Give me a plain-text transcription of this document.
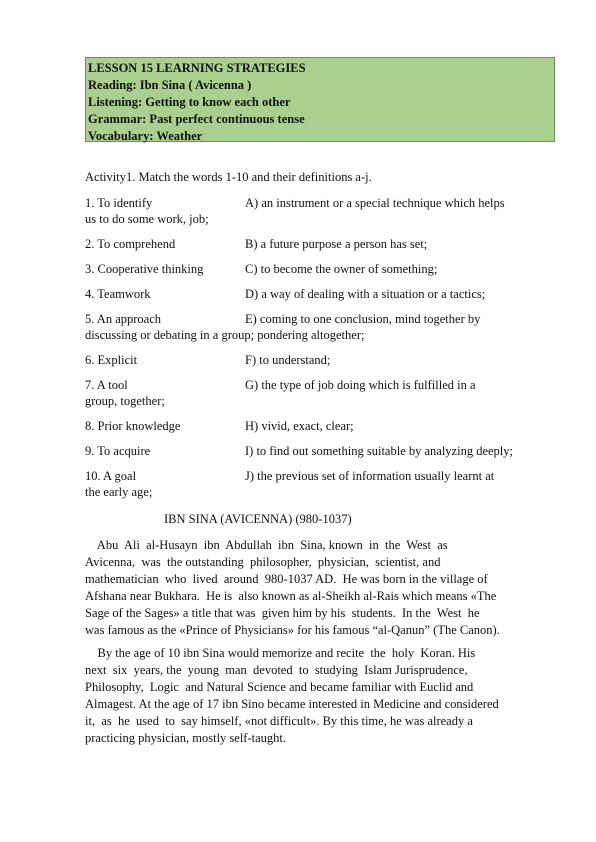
LESSON 15 LEARNING STRATEGIES
Reading: Ibn Sina ( Avicenna )
Listening: Getting to know each other
Grammar: Past perfect continuous tense
Vocabulary: Weather
Activity1. Match the words 1-10 and their definitions a-j.
1. To identify	A) an instrument or a special technique which helps
us to do some work, job;
2. To comprehend	B) a future purpose a person has set;
3. Cooperative thinking	C) to become the owner of something;
4. Teamwork	D) a way of dealing with a situation or a tactics;
5. An approach	E) coming to one conclusion, mind together by
discussing or debating in a group; pondering altogether;
6. Explicit	F) to understand;
7. A tool	G) the type of job doing which is fulfilled in a
group, together;
8. Prior knowledge	H) vivid, exact, clear;
9. To acquire	I) to find out something suitable by analyzing deeply;
10. A goal	J) the previous set of information usually learnt at
the early age;
IBN SINA (AVICENNA) (980-1037)
Abu  Ali  al-Husayn  ibn  Abdullah  ibn  Sina, known  in  the  West  as
Avicenna,  was  the outstanding  philosopher,  physician,  scientist, and
mathematician  who  lived  around  980-1037 AD.  He was born in the village of
Afshana near Bukhara.  He is  also known as al-Sheikh al-Rais which means «The
Sage of the Sages» a title that was  given him by his  students.  In the  West  he
was famous as the «Prince of Physicians» for his famous “al-Qanun” (The Canon).
By the age of 10 ibn Sina would memorize and recite  the  holy  Koran. His
next  six  years, the  young  man  devoted  to  studying  Islam Jurisprudence,
Philosophy,  Logic  and Natural Science and became familiar with Euclid and
Almagest. At the age of 17 ibn Sino became interested in Medicine and considered
it,  as  he  used  to  say himself, «not difficult». By this time, he was already a
practicing physician, mostly self-taught.
